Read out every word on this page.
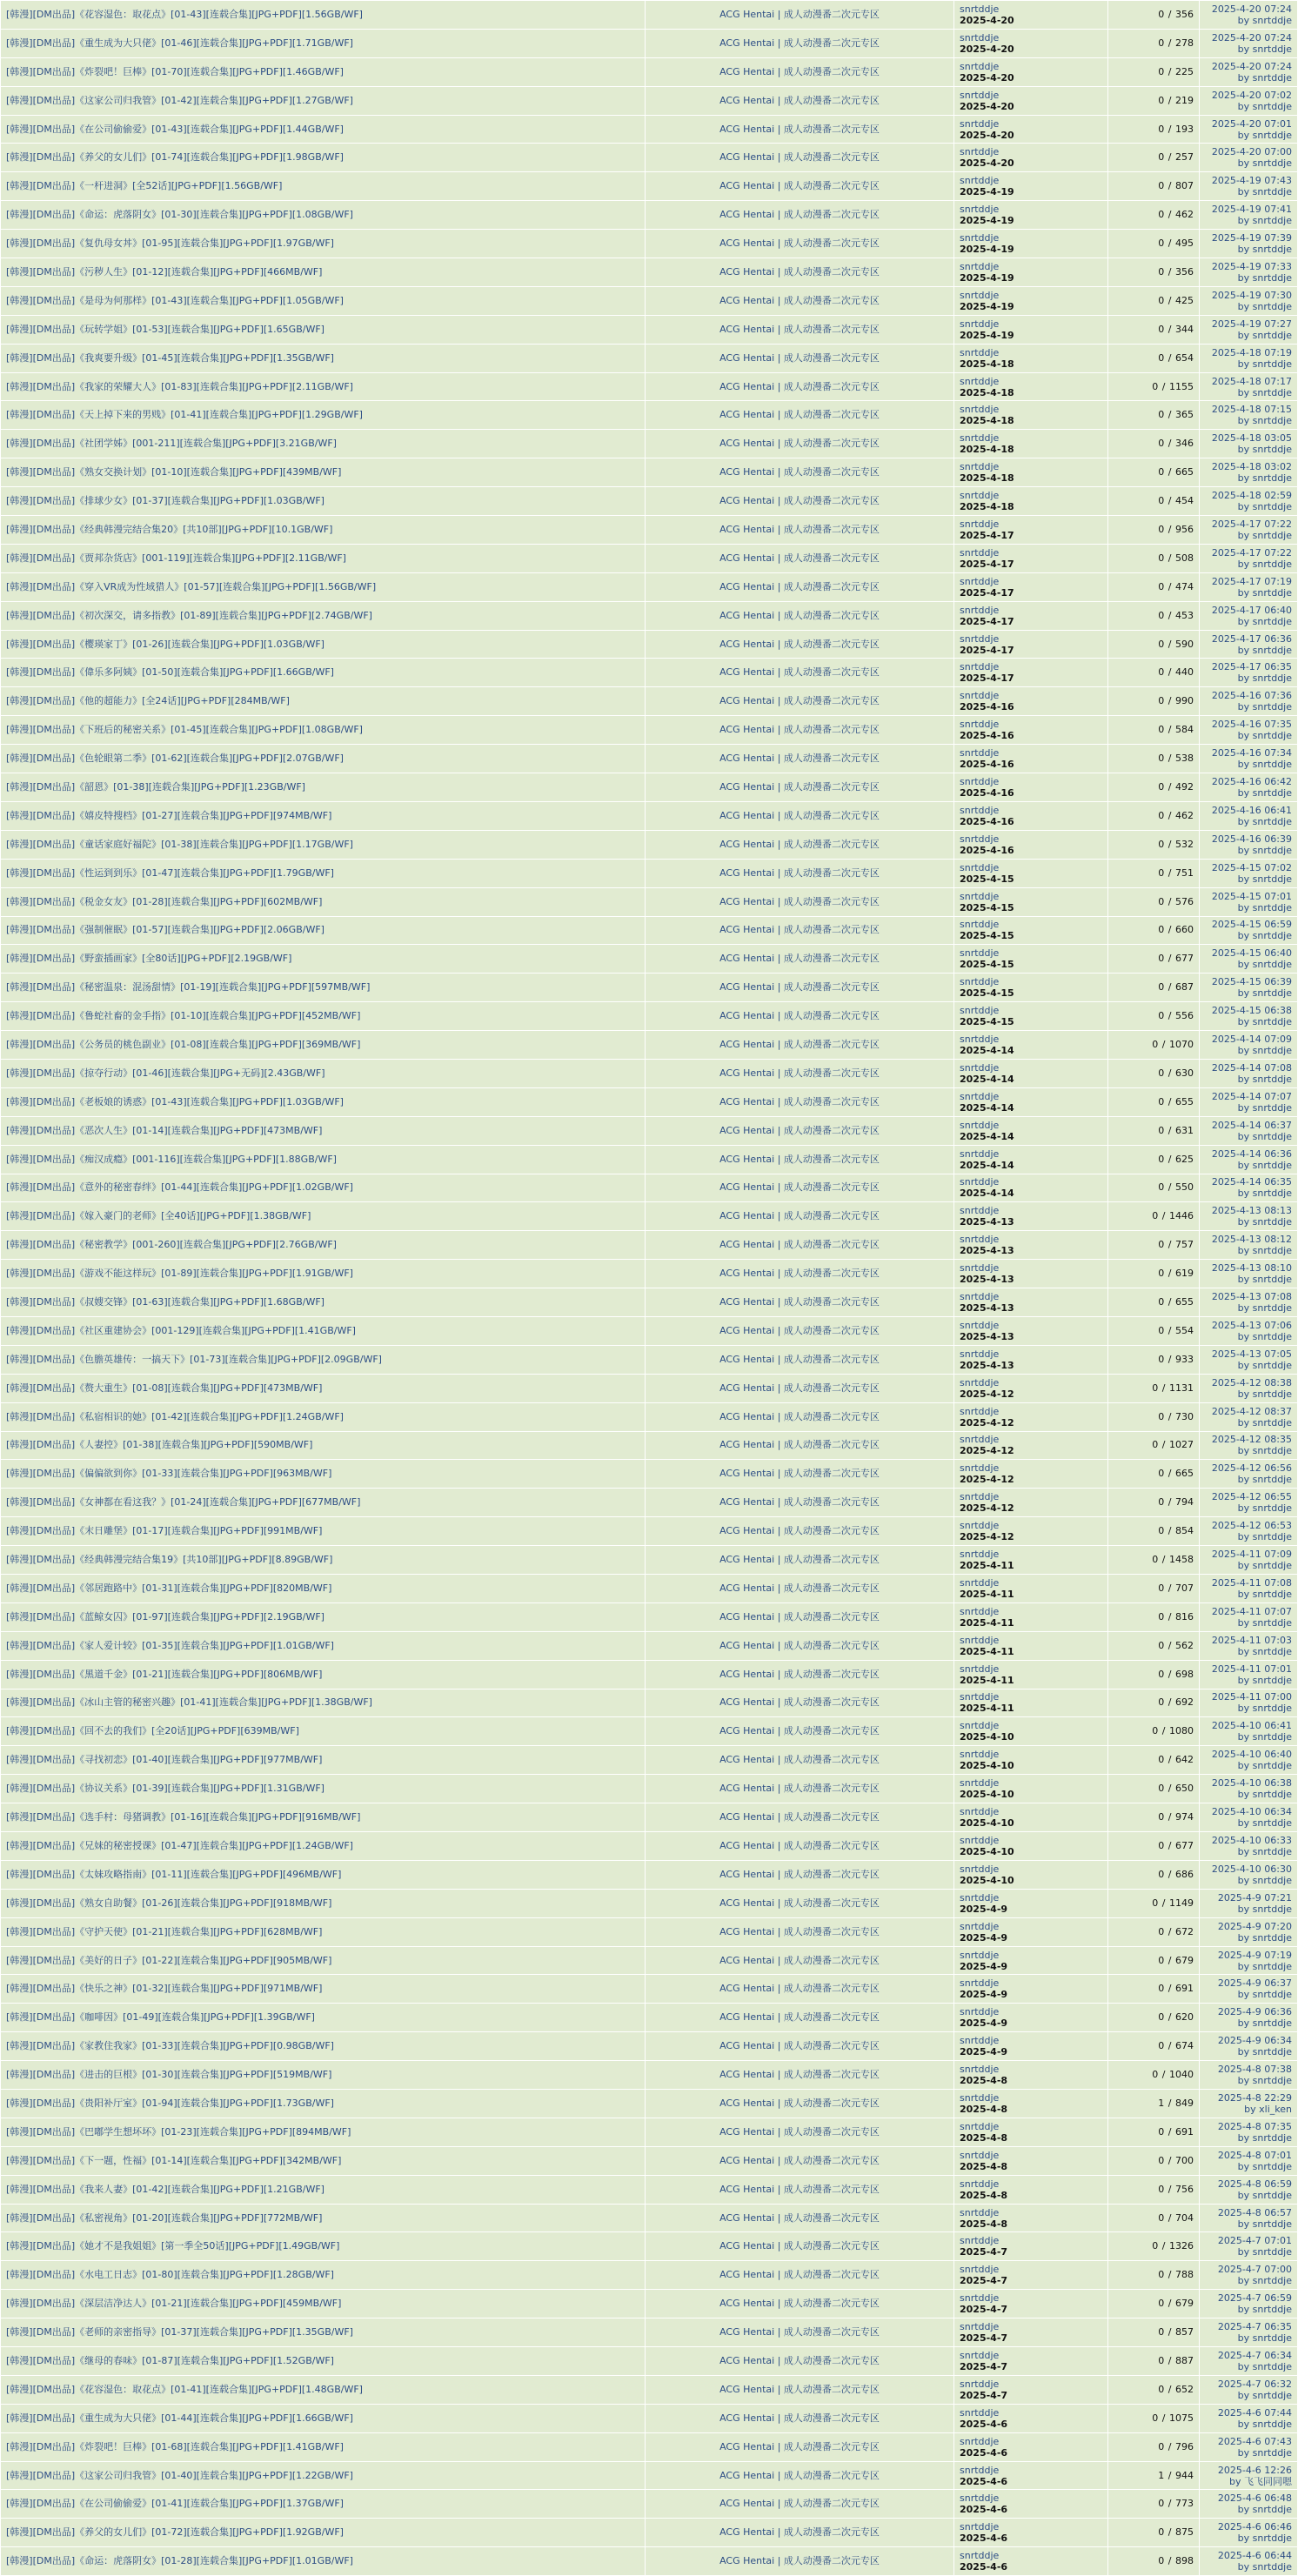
[韩漫][DM出品]《花容湿色：取花点》[01-43][连载合集][JPG+PDF][1.56GB/WF]	ACG Hentai | 成人动漫番二次元专区	snrtddje
2025-4-20	0 / 356	2025-4-20 07:24
by snrtddje

[韩漫][DM出品]《重生成为大只佬》[01-46][连载合集][JPG+PDF][1.71GB/WF]	ACG Hentai | 成人动漫番二次元专区	snrtddje
2025-4-20	0 / 278	2025-4-20 07:24
by snrtddje

[韩漫][DM出品]《炸裂吧！巨棒》[01-70][连载合集][JPG+PDF][1.46GB/WF]	ACG Hentai | 成人动漫番二次元专区	snrtddje
2025-4-20	0 / 225	2025-4-20 07:24
by snrtddje

[韩漫][DM出品]《这家公司归我管》[01-42][连载合集][JPG+PDF][1.27GB/WF]	ACG Hentai | 成人动漫番二次元专区	snrtddje
2025-4-20	0 / 219	2025-4-20 07:02
by snrtddje

[韩漫][DM出品]《在公司偷偷爱》[01-43][连载合集][JPG+PDF][1.44GB/WF]	ACG Hentai | 成人动漫番二次元专区	snrtddje
2025-4-20	0 / 193	2025-4-20 07:01
by snrtddje

[韩漫][DM出品]《养父的女儿们》[01-74][连载合集][JPG+PDF][1.98GB/WF]	ACG Hentai | 成人动漫番二次元专区	snrtddje
2025-4-20	0 / 257	2025-4-20 07:00
by snrtddje

[韩漫][DM出品]《一杆进洞》[全52话][JPG+PDF][1.56GB/WF]	ACG Hentai | 成人动漫番二次元专区	snrtddje
2025-4-19	0 / 807	2025-4-19 07:43
by snrtddje

[韩漫][DM出品]《命运：虎落阴女》[01-30][连载合集][JPG+PDF][1.08GB/WF]	ACG Hentai | 成人动漫番二次元专区	snrtddje
2025-4-19	0 / 462	2025-4-19 07:41
by snrtddje

[韩漫][DM出品]《复仇母女丼》[01-95][连载合集][JPG+PDF][1.97GB/WF]	ACG Hentai | 成人动漫番二次元专区	snrtddje
2025-4-19	0 / 495	2025-4-19 07:39
by snrtddje

[韩漫][DM出品]《污秽人生》[01-12][连载合集][JPG+PDF][466MB/WF]	ACG Hentai | 成人动漫番二次元专区	snrtddje
2025-4-19	0 / 356	2025-4-19 07:33
by snrtddje

[韩漫][DM出品]《是母为何那样》[01-43][连载合集][JPG+PDF][1.05GB/WF]	ACG Hentai | 成人动漫番二次元专区	snrtddje
2025-4-19	0 / 425	2025-4-19 07:30
by snrtddje

[韩漫][DM出品]《玩转学姐》[01-53][连载合集][JPG+PDF][1.65GB/WF]	ACG Hentai | 成人动漫番二次元专区	snrtddje
2025-4-19	0 / 344	2025-4-19 07:27
by snrtddje

[韩漫][DM出品]《我爽要升级》[01-45][连载合集][JPG+PDF][1.35GB/WF]	ACG Hentai | 成人动漫番二次元专区	snrtddje
2025-4-18	0 / 654	2025-4-18 07:19
by snrtddje

[韩漫][DM出品]《我家的荣耀大人》[01-83][连载合集][JPG+PDF][2.11GB/WF]	ACG Hentai | 成人动漫番二次元专区	snrtddje
2025-4-18	0 / 1155	2025-4-18 07:17
by snrtddje

[韩漫][DM出品]《天上掉下来的男贱》[01-41][连载合集][JPG+PDF][1.29GB/WF]	ACG Hentai | 成人动漫番二次元专区	snrtddje
2025-4-18	0 / 365	2025-4-18 07:15
by snrtddje

[韩漫][DM出品]《社团学姊》[001-211][连载合集][JPG+PDF][3.21GB/WF]	ACG Hentai | 成人动漫番二次元专区	snrtddje
2025-4-18	0 / 346	2025-4-18 03:05
by snrtddje

[韩漫][DM出品]《熟女交换计划》[01-10][连载合集][JPG+PDF][439MB/WF]	ACG Hentai | 成人动漫番二次元专区	snrtddje
2025-4-18	0 / 665	2025-4-18 03:02
by snrtddje

[韩漫][DM出品]《排球少女》[01-37][连载合集][JPG+PDF][1.03GB/WF]	ACG Hentai | 成人动漫番二次元专区	snrtddje
2025-4-18	0 / 454	2025-4-18 02:59
by snrtddje

[韩漫][DM出品]《经典韩漫完结合集20》[共10部][JPG+PDF][10.1GB/WF]	ACG Hentai | 成人动漫番二次元专区	snrtddje
2025-4-17	0 / 956	2025-4-17 07:22
by snrtddje

[韩漫][DM出品]《贾邦杂货店》[001-119][连载合集][JPG+PDF][2.11GB/WF]	ACG Hentai | 成人动漫番二次元专区	snrtddje
2025-4-17	0 / 508	2025-4-17 07:22
by snrtddje

[韩漫][DM出品]《穿入VR成为性域猎人》[01-57][连载合集][JPG+PDF][1.56GB/WF]	ACG Hentai | 成人动漫番二次元专区	snrtddje
2025-4-17	0 / 474	2025-4-17 07:19
by snrtddje

[韩漫][DM出品]《初次深交，请多指教》[01-89][连载合集][JPG+PDF][2.74GB/WF]	ACG Hentai | 成人动漫番二次元专区	snrtddje
2025-4-17	0 / 453	2025-4-17 06:40
by snrtddje

[韩漫][DM出品]《樱瑛家丁》[01-26][连载合集][JPG+PDF][1.03GB/WF]	ACG Hentai | 成人动漫番二次元专区	snrtddje
2025-4-17	0 / 590	2025-4-17 06:36
by snrtddje

[韩漫][DM出品]《偉乐多阿姨》[01-50][连载合集][JPG+PDF][1.66GB/WF]	ACG Hentai | 成人动漫番二次元专区	snrtddje
2025-4-17	0 / 440	2025-4-17 06:35
by snrtddje

[韩漫][DM出品]《他的超能力》[全24话][JPG+PDF][284MB/WF]	ACG Hentai | 成人动漫番二次元专区	snrtddje
2025-4-16	0 / 990	2025-4-16 07:36
by snrtddje

[韩漫][DM出品]《下班后的秘密关系》[01-45][连载合集][JPG+PDF][1.08GB/WF]	ACG Hentai | 成人动漫番二次元专区	snrtddje
2025-4-16	0 / 584	2025-4-16 07:35
by snrtddje

[韩漫][DM出品]《色轮眼第二季》[01-62][连载合集][JPG+PDF][2.07GB/WF]	ACG Hentai | 成人动漫番二次元专区	snrtddje
2025-4-16	0 / 538	2025-4-16 07:34
by snrtddje

[韩漫][DM出品]《韶恩》[01-38][连载合集][JPG+PDF][1.23GB/WF]	ACG Hentai | 成人动漫番二次元专区	snrtddje
2025-4-16	0 / 492	2025-4-16 06:42
by snrtddje

[韩漫][DM出品]《嬉皮特搜档》[01-27][连载合集][JPG+PDF][974MB/WF]	ACG Hentai | 成人动漫番二次元专区	snrtddje
2025-4-16	0 / 462	2025-4-16 06:41
by snrtddje

[韩漫][DM出品]《童话家庭好福陀》[01-38][连载合集][JPG+PDF][1.17GB/WF]	ACG Hentai | 成人动漫番二次元专区	snrtddje
2025-4-16	0 / 532	2025-4-16 06:39
by snrtddje

[韩漫][DM出品]《性运到到乐》[01-47][连载合集][JPG+PDF][1.79GB/WF]	ACG Hentai | 成人动漫番二次元专区	snrtddje
2025-4-15	0 / 751	2025-4-15 07:02
by snrtddje

[韩漫][DM出品]《税金女友》[01-28][连载合集][JPG+PDF][602MB/WF]	ACG Hentai | 成人动漫番二次元专区	snrtddje
2025-4-15	0 / 576	2025-4-15 07:01
by snrtddje

[韩漫][DM出品]《强制催眠》[01-57][连载合集][JPG+PDF][2.06GB/WF]	ACG Hentai | 成人动漫番二次元专区	snrtddje
2025-4-15	0 / 660	2025-4-15 06:59
by snrtddje

[韩漫][DM出品]《野蛮插画家》[全80话][JPG+PDF][2.19GB/WF]	ACG Hentai | 成人动漫番二次元专区	snrtddje
2025-4-15	0 / 677	2025-4-15 06:40
by snrtddje

[韩漫][DM出品]《秘密温泉：混汤甜情》[01-19][连载合集][JPG+PDF][597MB/WF]	ACG Hentai | 成人动漫番二次元专区	snrtddje
2025-4-15	0 / 687	2025-4-15 06:39
by snrtddje

[韩漫][DM出品]《鲁蛇社畜的金手指》[01-10][连载合集][JPG+PDF][452MB/WF]	ACG Hentai | 成人动漫番二次元专区	snrtddje
2025-4-15	0 / 556	2025-4-15 06:38
by snrtddje

[韩漫][DM出品]《公务员的桃色副业》[01-08][连载合集][JPG+PDF][369MB/WF]	ACG Hentai | 成人动漫番二次元专区	snrtddje
2025-4-14	0 / 1070	2025-4-14 07:09
by snrtddje

[韩漫][DM出品]《掠夺行动》[01-46][连载合集][JPG+无码][2.43GB/WF]	ACG Hentai | 成人动漫番二次元专区	snrtddje
2025-4-14	0 / 630	2025-4-14 07:08
by snrtddje

[韩漫][DM出品]《老板娘的诱惑》[01-43][连载合集][JPG+PDF][1.03GB/WF]	ACG Hentai | 成人动漫番二次元专区	snrtddje
2025-4-14	0 / 655	2025-4-14 07:07
by snrtddje

[韩漫][DM出品]《恶次人生》[01-14][连载合集][JPG+PDF][473MB/WF]	ACG Hentai | 成人动漫番二次元专区	snrtddje
2025-4-14	0 / 631	2025-4-14 06:37
by snrtddje

[韩漫][DM出品]《痴汉成瘾》[001-116][连载合集][JPG+PDF][1.88GB/WF]	ACG Hentai | 成人动漫番二次元专区	snrtddje
2025-4-14	0 / 625	2025-4-14 06:36
by snrtddje

[韩漫][DM出品]《意外的秘密春绊》[01-44][连载合集][JPG+PDF][1.02GB/WF]	ACG Hentai | 成人动漫番二次元专区	snrtddje
2025-4-14	0 / 550	2025-4-14 06:35
by snrtddje

[韩漫][DM出品]《嫁入豪门的老师》[全40话][JPG+PDF][1.38GB/WF]	ACG Hentai | 成人动漫番二次元专区	snrtddje
2025-4-13	0 / 1446	2025-4-13 08:13
by snrtddje

[韩漫][DM出品]《秘密教学》[001-260][连载合集][JPG+PDF][2.76GB/WF]	ACG Hentai | 成人动漫番二次元专区	snrtddje
2025-4-13	0 / 757	2025-4-13 08:12
by snrtddje

[韩漫][DM出品]《游戏不能这样玩》[01-89][连载合集][JPG+PDF][1.91GB/WF]	ACG Hentai | 成人动漫番二次元专区	snrtddje
2025-4-13	0 / 619	2025-4-13 08:10
by snrtddje

[韩漫][DM出品]《叔嫂交锋》[01-63][连载合集][JPG+PDF][1.68GB/WF]	ACG Hentai | 成人动漫番二次元专区	snrtddje
2025-4-13	0 / 655	2025-4-13 07:08
by snrtddje

[韩漫][DM出品]《社区重建协会》[001-129][连载合集][JPG+PDF][1.41GB/WF]	ACG Hentai | 成人动漫番二次元专区	snrtddje
2025-4-13	0 / 554	2025-4-13 07:06
by snrtddje

[韩漫][DM出品]《色膽英雄传：一搞天下》[01-73][连载合集][JPG+PDF][2.09GB/WF]	ACG Hentai | 成人动漫番二次元专区	snrtddje
2025-4-13	0 / 933	2025-4-13 07:05
by snrtddje

[韩漫][DM出品]《赘大重生》[01-08][连载合集][JPG+PDF][473MB/WF]	ACG Hentai | 成人动漫番二次元专区	snrtddje
2025-4-12	0 / 1131	2025-4-12 08:38
by snrtddje

[韩漫][DM出品]《私宿相识的她》[01-42][连载合集][JPG+PDF][1.24GB/WF]	ACG Hentai | 成人动漫番二次元专区	snrtddje
2025-4-12	0 / 730	2025-4-12 08:37
by snrtddje

[韩漫][DM出品]《人妻控》[01-38][连载合集][JPG+PDF][590MB/WF]	ACG Hentai | 成人动漫番二次元专区	snrtddje
2025-4-12	0 / 1027	2025-4-12 08:35
by snrtddje

[韩漫][DM出品]《偏偏欲到你》[01-33][连载合集][JPG+PDF][963MB/WF]	ACG Hentai | 成人动漫番二次元专区	snrtddje
2025-4-12	0 / 665	2025-4-12 06:56
by snrtddje

[韩漫][DM出品]《女神都在看这我？》[01-24][连载合集][JPG+PDF][677MB/WF]	ACG Hentai | 成人动漫番二次元专区	snrtddje
2025-4-12	0 / 794	2025-4-12 06:55
by snrtddje

[韩漫][DM出品]《末日雕堡》[01-17][连载合集][JPG+PDF][991MB/WF]	ACG Hentai | 成人动漫番二次元专区	snrtddje
2025-4-12	0 / 854	2025-4-12 06:53
by snrtddje

[韩漫][DM出品]《经典韩漫完结合集19》[共10部][JPG+PDF][8.89GB/WF]	ACG Hentai | 成人动漫番二次元专区	snrtddje
2025-4-11	0 / 1458	2025-4-11 07:09
by snrtddje

[韩漫][DM出品]《邻居跑路中》[01-31][连载合集][JPG+PDF][820MB/WF]	ACG Hentai | 成人动漫番二次元专区	snrtddje
2025-4-11	0 / 707	2025-4-11 07:08
by snrtddje

[韩漫][DM出品]《蓝鲸女囚》[01-97][连载合集][JPG+PDF][2.19GB/WF]	ACG Hentai | 成人动漫番二次元专区	snrtddje
2025-4-11	0 / 816	2025-4-11 07:07
by snrtddje

[韩漫][DM出品]《家人爱计较》[01-35][连载合集][JPG+PDF][1.01GB/WF]	ACG Hentai | 成人动漫番二次元专区	snrtddje
2025-4-11	0 / 562	2025-4-11 07:03
by snrtddje

[韩漫][DM出品]《黑道千金》[01-21][连载合集][JPG+PDF][806MB/WF]	ACG Hentai | 成人动漫番二次元专区	snrtddje
2025-4-11	0 / 698	2025-4-11 07:01
by snrtddje

[韩漫][DM出品]《冰山主管的秘密兴趣》[01-41][连载合集][JPG+PDF][1.38GB/WF]	ACG Hentai | 成人动漫番二次元专区	snrtddje
2025-4-11	0 / 692	2025-4-11 07:00
by snrtddje

[韩漫][DM出品]《回不去的我们》[全20话][JPG+PDF][639MB/WF]	ACG Hentai | 成人动漫番二次元专区	snrtddje
2025-4-10	0 / 1080	2025-4-10 06:41
by snrtddje

[韩漫][DM出品]《寻找初恋》[01-40][连载合集][JPG+PDF][977MB/WF]	ACG Hentai | 成人动漫番二次元专区	snrtddje
2025-4-10	0 / 642	2025-4-10 06:40
by snrtddje

[韩漫][DM出品]《协议关系》[01-39][连载合集][JPG+PDF][1.31GB/WF]	ACG Hentai | 成人动漫番二次元专区	snrtddje
2025-4-10	0 / 650	2025-4-10 06:38
by snrtddje

[韩漫][DM出品]《选手村：母猪调教》[01-16][连载合集][JPG+PDF][916MB/WF]	ACG Hentai | 成人动漫番二次元专区	snrtddje
2025-4-10	0 / 974	2025-4-10 06:34
by snrtddje

[韩漫][DM出品]《兄妹的秘密授课》[01-47][连载合集][JPG+PDF][1.24GB/WF]	ACG Hentai | 成人动漫番二次元专区	snrtddje
2025-4-10	0 / 677	2025-4-10 06:33
by snrtddje

[韩漫][DM出品]《太妹攻略指南》[01-11][连载合集][JPG+PDF][496MB/WF]	ACG Hentai | 成人动漫番二次元专区	snrtddje
2025-4-10	0 / 686	2025-4-10 06:30
by snrtddje

[韩漫][DM出品]《熟女自助餐》[01-26][连载合集][JPG+PDF][918MB/WF]	ACG Hentai | 成人动漫番二次元专区	snrtddje
2025-4-9	0 / 1149	2025-4-9 07:21
by snrtddje

[韩漫][DM出品]《守护天使》[01-21][连载合集][JPG+PDF][628MB/WF]	ACG Hentai | 成人动漫番二次元专区	snrtddje
2025-4-9	0 / 672	2025-4-9 07:20
by snrtddje

[韩漫][DM出品]《美好的日子》[01-22][连载合集][JPG+PDF][905MB/WF]	ACG Hentai | 成人动漫番二次元专区	snrtddje
2025-4-9	0 / 679	2025-4-9 07:19
by snrtddje

[韩漫][DM出品]《快乐之神》[01-32][连载合集][JPG+PDF][971MB/WF]	ACG Hentai | 成人动漫番二次元专区	snrtddje
2025-4-9	0 / 691	2025-4-9 06:37
by snrtddje

[韩漫][DM出品]《咖啡因》[01-49][连载合集][JPG+PDF][1.39GB/WF]	ACG Hentai | 成人动漫番二次元专区	snrtddje
2025-4-9	0 / 620	2025-4-9 06:36
by snrtddje

[韩漫][DM出品]《家教住我家》[01-33][连载合集][JPG+PDF][0.98GB/WF]	ACG Hentai | 成人动漫番二次元专区	snrtddje
2025-4-9	0 / 674	2025-4-9 06:34
by snrtddje

[韩漫][DM出品]《进击的巨根》[01-30][连载合集][JPG+PDF][519MB/WF]	ACG Hentai | 成人动漫番二次元专区	snrtddje
2025-4-8	0 / 1040	2025-4-8 07:38
by snrtddje

[韩漫][DM出品]《贵阳补厅室》[01-94][连载合集][JPG+PDF][1.73GB/WF]	ACG Hentai | 成人动漫番二次元专区	snrtddje
2025-4-8	1 / 849	2025-4-8 22:29
by xli_ken

[韩漫][DM出品]《巴嘟学生想坏坏》[01-23][连载合集][JPG+PDF][894MB/WF]	ACG Hentai | 成人动漫番二次元专区	snrtddje
2025-4-8	0 / 691	2025-4-8 07:35
by snrtddje

[韩漫][DM出品]《下一题，性福》[01-14][连载合集][JPG+PDF][342MB/WF]	ACG Hentai | 成人动漫番二次元专区	snrtddje
2025-4-8	0 / 700	2025-4-8 07:01
by snrtddje

[韩漫][DM出品]《我来人妻》[01-42][连载合集][JPG+PDF][1.21GB/WF]	ACG Hentai | 成人动漫番二次元专区	snrtddje
2025-4-8	0 / 756	2025-4-8 06:59
by snrtddje

[韩漫][DM出品]《私密视角》[01-20][连载合集][JPG+PDF][772MB/WF]	ACG Hentai | 成人动漫番二次元专区	snrtddje
2025-4-8	0 / 704	2025-4-8 06:57
by snrtddje

[韩漫][DM出品]《她才不是我姐姐》[第一季全50话][JPG+PDF][1.49GB/WF]	ACG Hentai | 成人动漫番二次元专区	snrtddje
2025-4-7	0 / 1326	2025-4-7 07:01
by snrtddje

[韩漫][DM出品]《水电工日志》[01-80][连载合集][JPG+PDF][1.28GB/WF]	ACG Hentai | 成人动漫番二次元专区	snrtddje
2025-4-7	0 / 788	2025-4-7 07:00
by snrtddje

[韩漫][DM出品]《深层洁净达人》[01-21][连载合集][JPG+PDF][459MB/WF]	ACG Hentai | 成人动漫番二次元专区	snrtddje
2025-4-7	0 / 679	2025-4-7 06:59
by snrtddje

[韩漫][DM出品]《老师的亲密指导》[01-37][连载合集][JPG+PDF][1.35GB/WF]	ACG Hentai | 成人动漫番二次元专区	snrtddje
2025-4-7	0 / 857	2025-4-7 06:35
by snrtddje

[韩漫][DM出品]《继母的春味》[01-87][连载合集][JPG+PDF][1.52GB/WF]	ACG Hentai | 成人动漫番二次元专区	snrtddje
2025-4-7	0 / 887	2025-4-7 06:34
by snrtddje

[韩漫][DM出品]《花容湿色：取花点》[01-41][连载合集][JPG+PDF][1.48GB/WF]	ACG Hentai | 成人动漫番二次元专区	snrtddje
2025-4-7	0 / 652	2025-4-7 06:32
by snrtddje

[韩漫][DM出品]《重生成为大只佬》[01-44][连载合集][JPG+PDF][1.66GB/WF]	ACG Hentai | 成人动漫番二次元专区	snrtddje
2025-4-6	0 / 1075	2025-4-6 07:44
by snrtddje

[韩漫][DM出品]《炸裂吧！巨棒》[01-68][连载合集][JPG+PDF][1.41GB/WF]	ACG Hentai | 成人动漫番二次元专区	snrtddje
2025-4-6	0 / 796	2025-4-6 07:43
by snrtddje

[韩漫][DM出品]《这家公司归我管》[01-40][连载合集][JPG+PDF][1.22GB/WF]	ACG Hentai | 成人动漫番二次元专区	snrtddje
2025-4-6	1 / 944	2025-4-6 12:26
by 飞飞同同嗯

[韩漫][DM出品]《在公司偷偷爱》[01-41][连载合集][JPG+PDF][1.37GB/WF]	ACG Hentai | 成人动漫番二次元专区	snrtddje
2025-4-6	0 / 773	2025-4-6 06:48
by snrtddje

[韩漫][DM出品]《养父的女儿们》[01-72][连载合集][JPG+PDF][1.92GB/WF]	ACG Hentai | 成人动漫番二次元专区	snrtddje
2025-4-6	0 / 875	2025-4-6 06:46
by snrtddje

[韩漫][DM出品]《命运：虎落阴女》[01-28][连载合集][JPG+PDF][1.01GB/WF]	ACG Hentai | 成人动漫番二次元专区	snrtddje
2025-4-6	0 / 898	2025-4-6 06:44
by snrtddje
